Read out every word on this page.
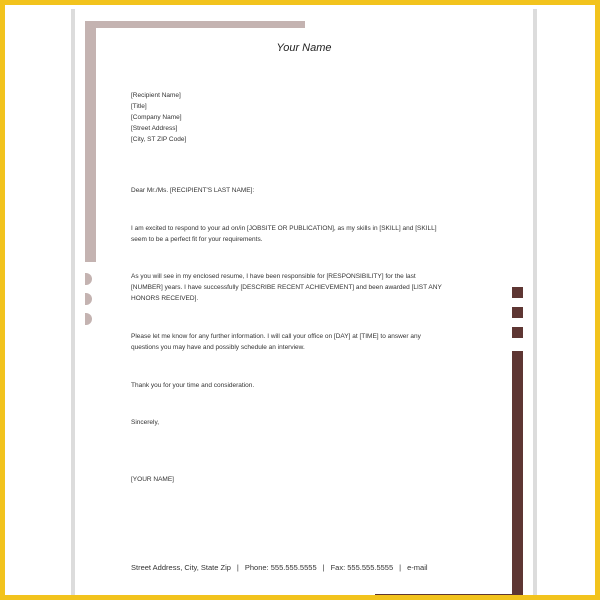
Your Name
[Recipient Name]
[Title]
[Company Name]
[Street Address]
[City, ST ZIP Code]
Dear Mr./Ms. [RECIPIENT'S LAST NAME]:
I am excited to respond to your ad on/in [JOBSITE OR PUBLICATION], as my skills in [SKILL] and [SKILL]
seem to be a perfect fit for your requirements.
As you will see in my enclosed resume, I have been responsible for [RESPONSIBILITY] for the last
[NUMBER] years. I have successfully [DESCRIBE RECENT ACHIEVEMENT] and been awarded [LIST ANY
HONORS RECEIVED].
Please let me know for any further information. I will call your office on [DAY] at [TIME] to answer any
questions you may have and possibly schedule an interview.
Thank you for your time and consideration.
Sincerely,
[YOUR NAME]
Street Address, City, State Zip | Phone: 555.555.5555 | Fax: 555.555.5555 | e-mail
